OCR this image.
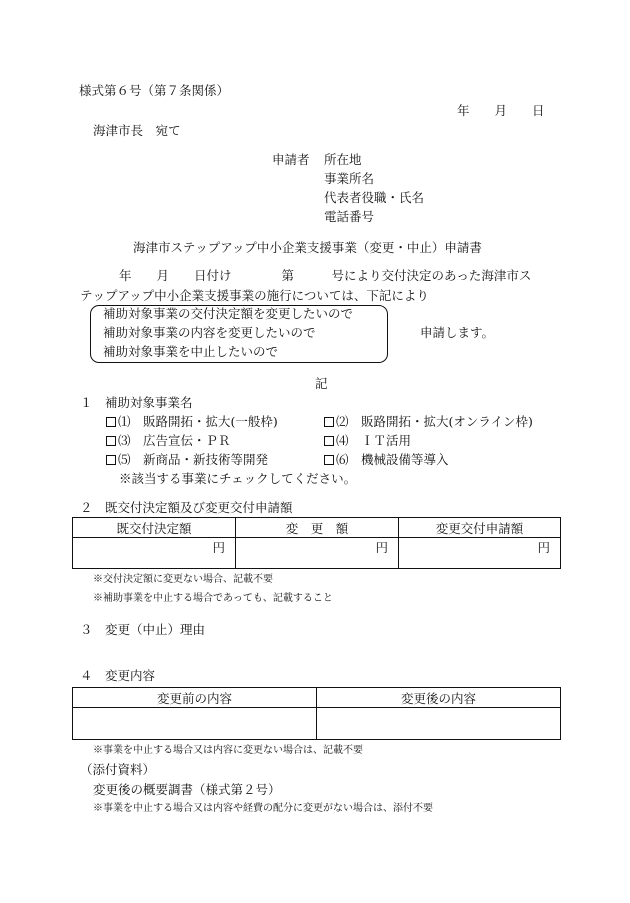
様式第６号（第７条関係）
年　　月　　日
海津市長　宛て
申請者 所在地
事業所名
代表者役職・氏名
電話番号
海津市ステップアップ中小企業支援事業（変更・中止）申請書
年　　月　　日付け　　　　第　　　号により交付決定のあった海津市ス
テップアップ中小企業支援事業の施行については、下記により
補助対象事業の交付決定額を変更したいので
補助対象事業の内容を変更したいので
補助対象事業を中止したいので
申請します。
記
１　補助対象事業名
⑴　販路開拓・拡大(一般枠)	⑵　販路開拓・拡大(オンライン枠)
⑶　広告宣伝・ＰＲ	⑷　ＩＴ活用
⑸　新商品・新技術等開発	⑹　機械設備等導入
※該当する事業にチェックしてください。
２　既交付決定額及び変更交付申請額
既交付決定額	変　更　額	変更交付申請額
円	円	円
※交付決定額に変更ない場合、記載不要
※補助事業を中止する場合であっても、記載すること
３　変更（中止）理由
４　変更内容
変更前の内容	変更後の内容

※事業を中止する場合又は内容に変更ない場合は、記載不要
（添付資料）
変更後の概要調書（様式第２号）
※事業を中止する場合又は内容や経費の配分に変更がない場合は、添付不要
